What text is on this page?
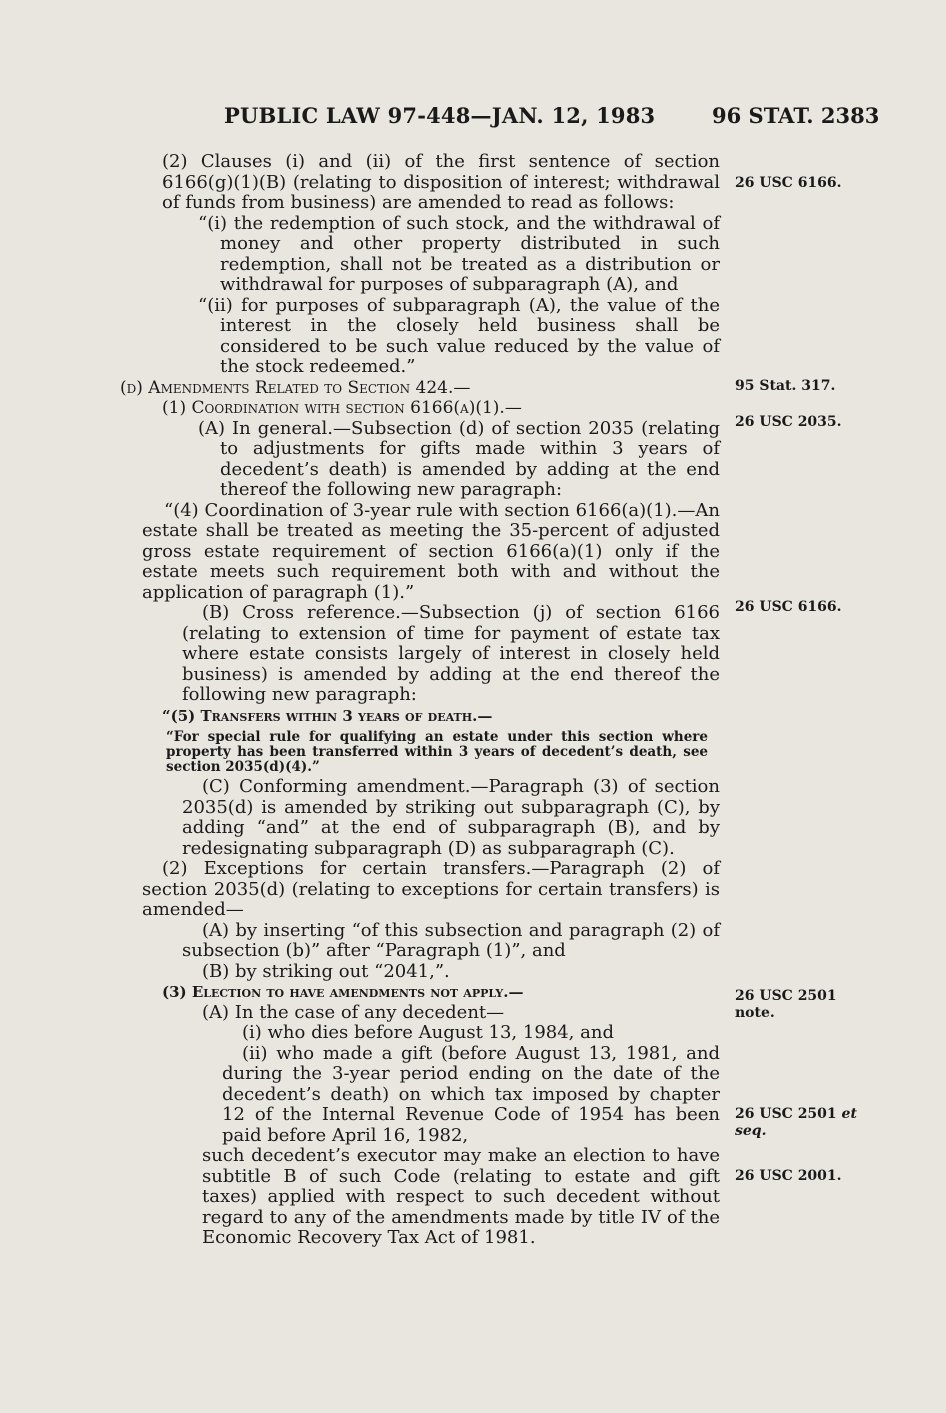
PUBLIC LAW 97-448—JAN. 12, 1983	96 STAT. 2383
(2) Clauses (i) and (ii) of the first sentence of section 6166(g)(1)(B) (relating to disposition of interest; withdrawal of funds from business) are amended to read as follows:
“(i) the redemption of such stock, and the withdrawal of money and other property distributed in such redemption, shall not be treated as a distribution or withdrawal for purposes of subparagraph (A), and
“(ii) for purposes of subparagraph (A), the value of the interest in the closely held business shall be considered to be such value reduced by the value of the stock redeemed.”
(d) Amendments Related to Section 424.—
(1) Coordination with section 6166(a)(1).—
(A) In general.—Subsection (d) of section 2035 (relating to adjustments for gifts made within 3 years of decedent’s death) is amended by adding at the end thereof the following new paragraph:
“(4) Coordination of 3-year rule with section 6166(a)(1).—An estate shall be treated as meeting the 35-percent of adjusted gross estate requirement of section 6166(a)(1) only if the estate meets such requirement both with and without the application of paragraph (1).”
(B) Cross reference.—Subsection (j) of section 6166 (relating to extension of time for payment of estate tax where estate consists largely of interest in closely held business) is amended by adding at the end thereof the following new paragraph:
“(5) Transfers within 3 years of death.—
“For special rule for qualifying an estate under this section where property has been transferred within 3 years of decedent’s death, see section 2035(d)(4).”
(C) Conforming amendment.—Paragraph (3) of section 2035(d) is amended by striking out subparagraph (C), by adding “and” at the end of subparagraph (B), and by redesignating subparagraph (D) as subparagraph (C).
(2) Exceptions for certain transfers.—Paragraph (2) of section 2035(d) (relating to exceptions for certain transfers) is amended—
(A) by inserting “of this subsection and paragraph (2) of subsection (b)” after “Paragraph (1)”, and
(B) by striking out “2041,”.
(3) Election to have amendments not apply.—
(A) In the case of any decedent—
(i) who dies before August 13, 1984, and
(ii) who made a gift (before August 13, 1981, and during the 3-year period ending on the date of the decedent’s death) on which tax imposed by chapter 12 of the Internal Revenue Code of 1954 has been paid before April 16, 1982,
such decedent’s executor may make an election to have subtitle B of such Code (relating to estate and gift taxes) applied with respect to such decedent without regard to any of the amendments made by title IV of the Economic Recovery Tax Act of 1981.
26 USC 6166.
95 Stat. 317.
26 USC 2035.
26 USC 6166.
26 USC 2501
note.
26 USC 2501 et
seq.
26 USC 2001.
